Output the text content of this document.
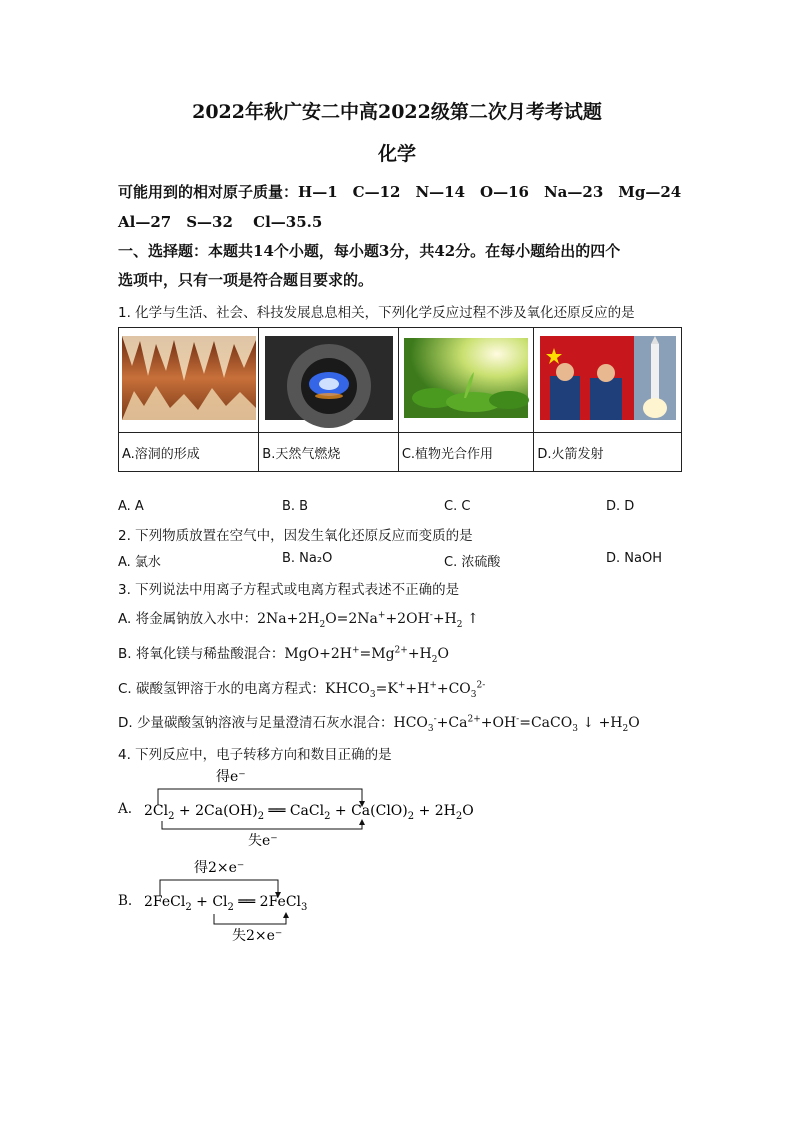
2022年秋广安二中高2022级第二次月考考试题
化学
可能用到的相对原子质量：H—1　C—12　N—14　O—16　Na—23　Mg—24
Al—27　S—32　 Cl—35.5
一、选择题：本题共14个小题，每小题3分，共42分。在每小题给出的四个
选项中，只有一项是符合题目要求的。
1. 化学与生活、社会、科技发展息息相关，下列化学反应过程不涉及氧化还原反应的是

A.溶洞的形成	B.天然气燃烧	C.植物光合作用	D.火箭发射
A. A	B. B	C. C	D. D
2. 下列物质放置在空气中，因发生氧化还原反应而变质的是
A. 氯水	B. Na₂O	C. 浓硫酸	D. NaOH
3. 下列说法中用离子方程式或电离方程式表述不正确的是
A. 将金属钠放入水中：$2Na+2H_2O=2Na^++2OH^-+H_2$ ↑
B. 将氧化镁与稀盐酸混合：$MgO+2H^+=Mg^{2+}+H_2O$
C. 碳酸氢钾溶于水的电离方程式：$KHCO_3=K^++H^++CO_3^{2-}$
D. 少量碳酸氢钠溶液与足量澄清石灰水混合：$HCO_3^-+Ca^{2+}+OH^-=CaCO_3$ ↓ $+H_2O$
4. 下列反应中，电子转移方向和数目正确的是
A.
得e⁻
$2Cl_2 + 2Ca(OH)_2$ ══ CaCl$_2$ + $Ca(ClO)_2 + 2H_2O$
失e⁻
B.
得2×e⁻
2FeCl$_2$ + $Cl_2$ ══ 2FeCl$_3$
失2×e⁻
